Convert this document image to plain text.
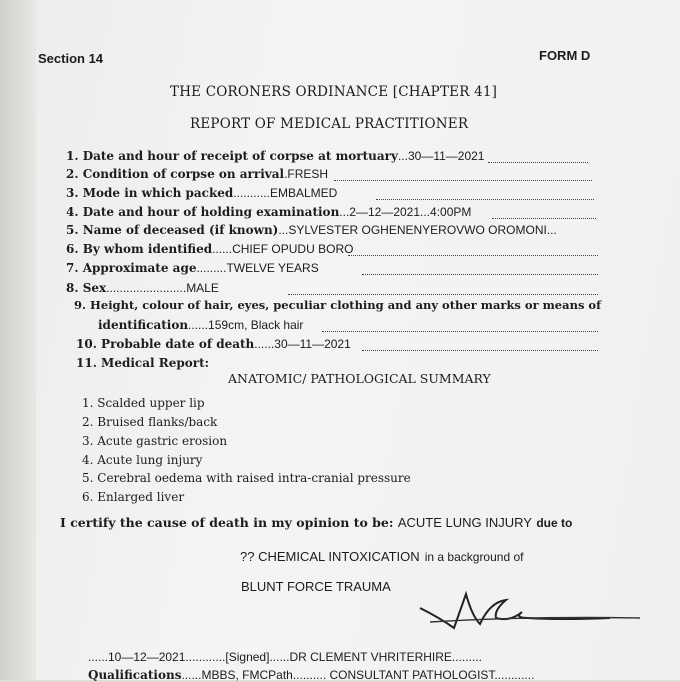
Section 14	FORM D
THE CORONERS ORDINANCE [CHAPTER 41]
REPORT OF MEDICAL PRACTITIONER
1. Date and hour of receipt of corpse at mortuary...30—11—2021
2. Condition of corpse on arrival.FRESH
3. Mode in which packed...........EMBALMED
4. Date and hour of holding examination...2—12—2021...4:00PM
5. Name of deceased (if known)...SYLVESTER OGHENENYEROVWO OROMONI...
6. By whom identified......CHIEF OPUDU BORO
7. Approximate age.........TWELVE YEARS
8. Sex........................MALE
9. Height, colour of hair, eyes, peculiar clothing and any other marks or means of
identification......159cm, Black hair
10. Probable date of death......30—11—2021
11. Medical Report:
ANATOMIC/ PATHOLOGICAL SUMMARY
1. Scalded upper lip
2. Bruised flanks/back
3. Acute gastric erosion
4. Acute lung injury
5. Cerebral oedema with raised intra-cranial pressure
6. Enlarged liver
I certify the cause of death in my opinion to be: ACUTE LUNG INJURY due to
?? CHEMICAL INTOXICATION in a background of
BLUNT FORCE TRAUMA
......10—12—2021............[Signed]......DR CLEMENT VHRITERHIRE.........
Qualifications......MBBS, FMCPath.......... CONSULTANT PATHOLOGIST............
